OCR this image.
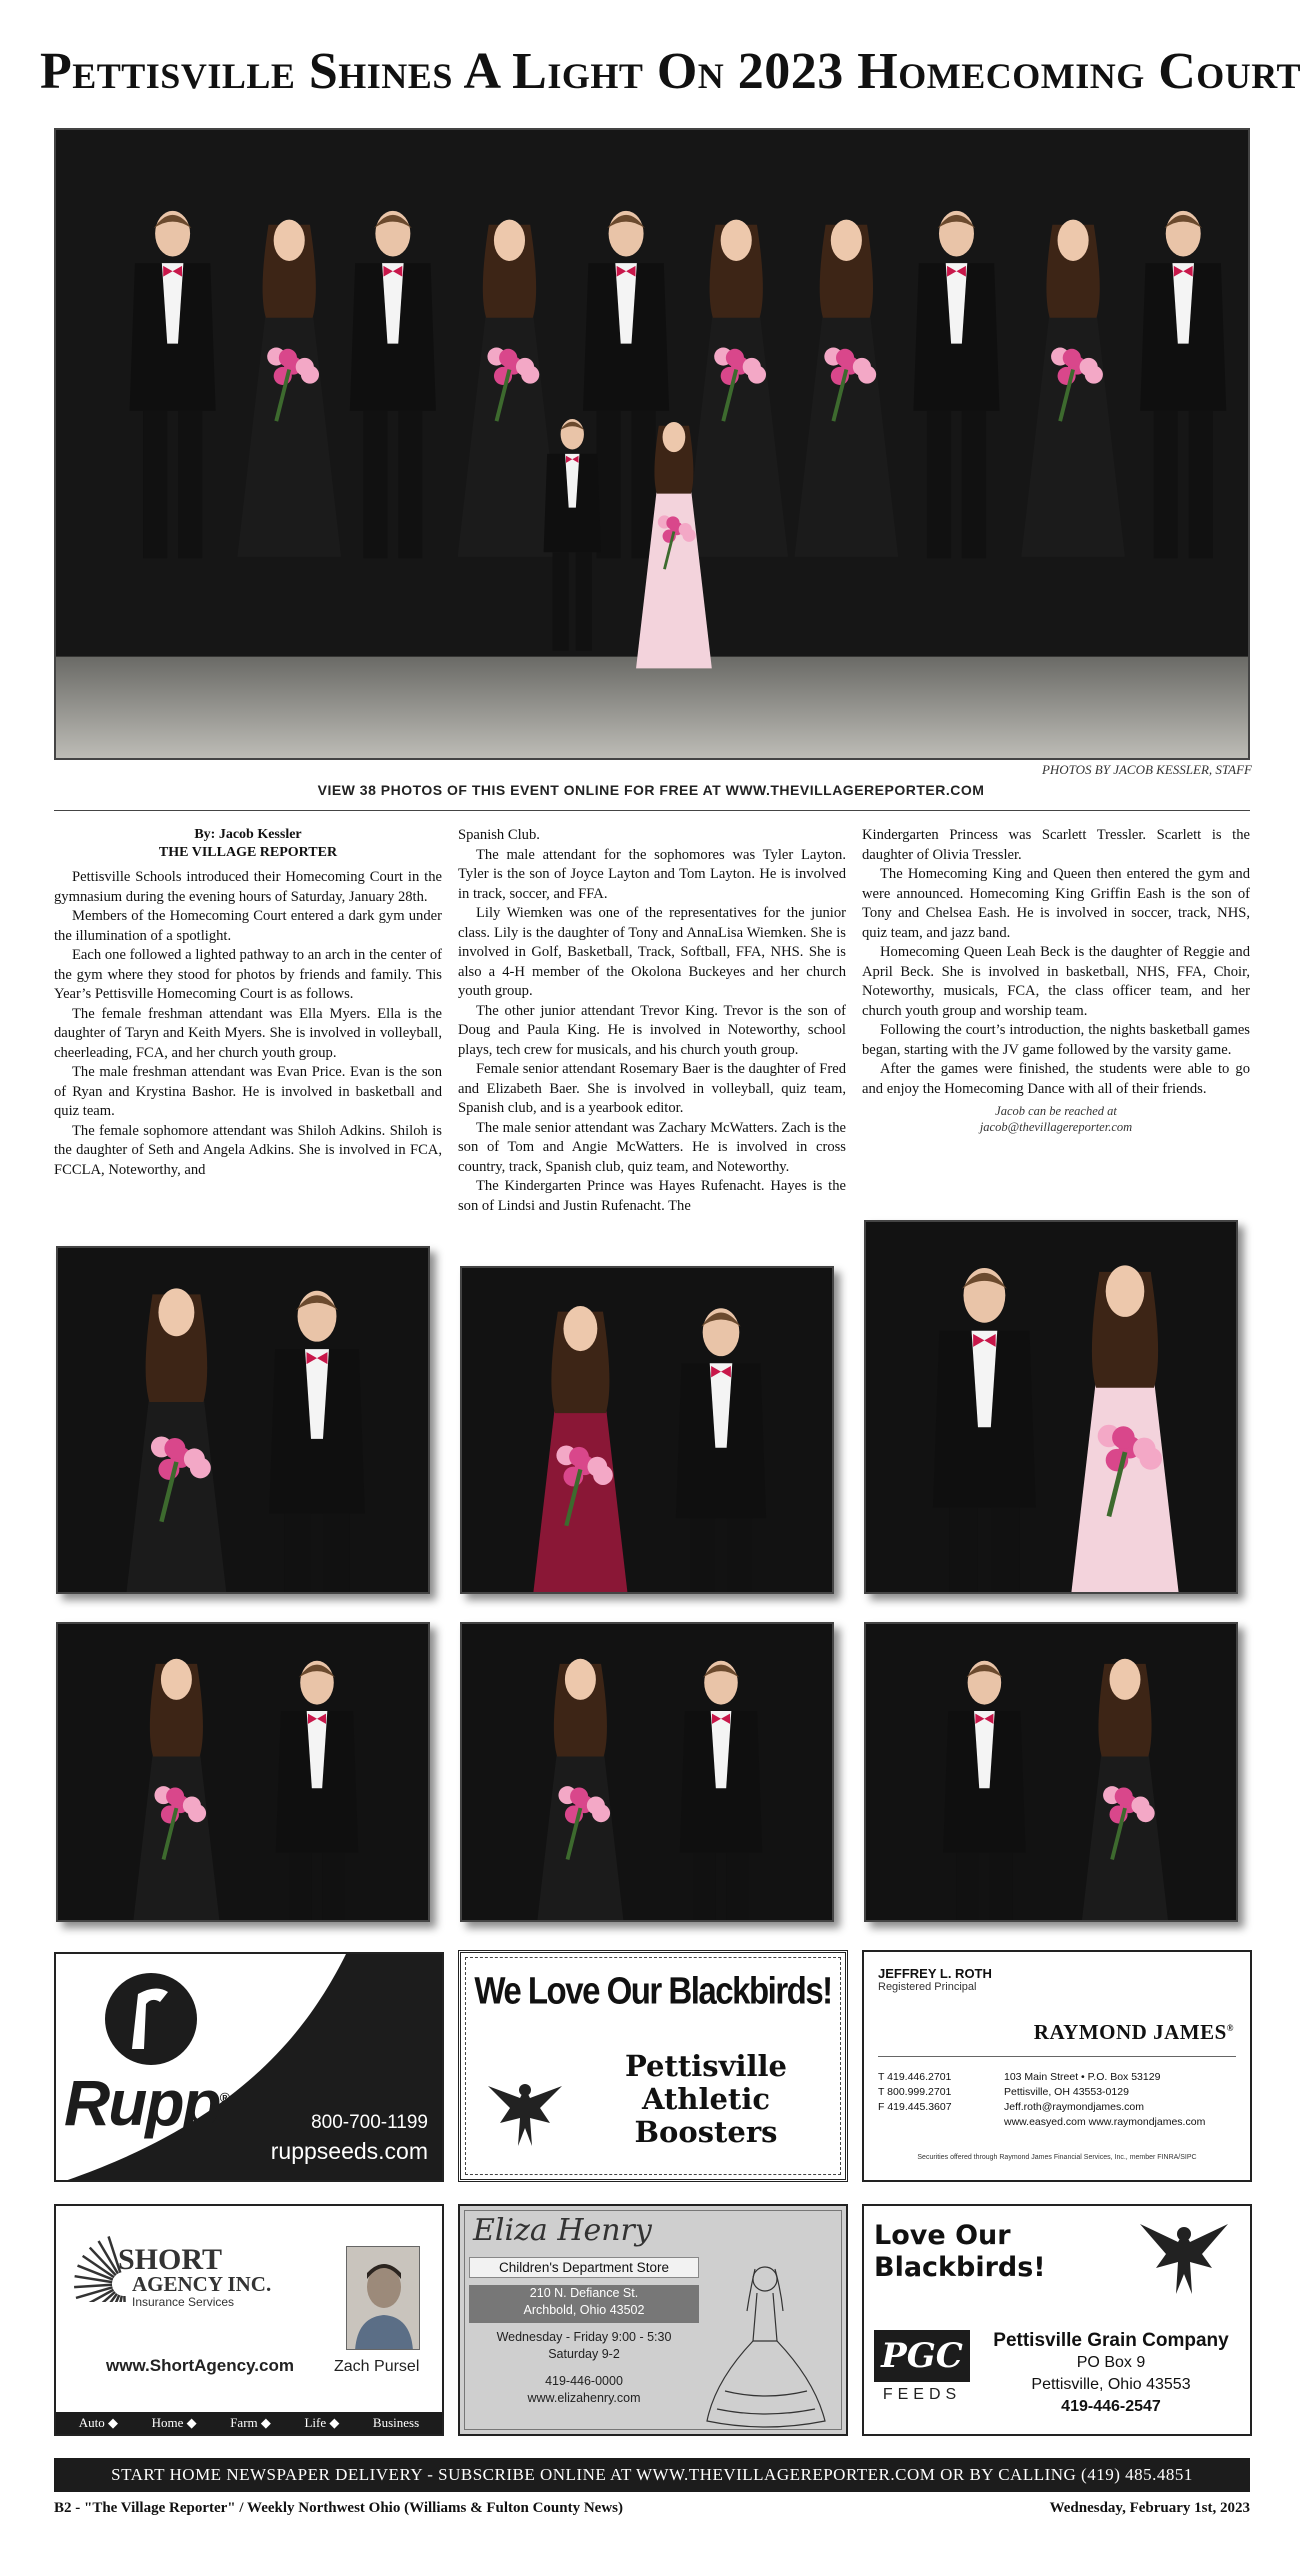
Pettisville Shines A Light On 2023 Homecoming Court
PHOTOS BY JACOB KESSLER, STAFF
VIEW 38 PHOTOS OF THIS EVENT ONLINE FOR FREE AT WWW.THEVILLAGEREPORTER.COM

By: Jacob Kessler

THE VILLAGE REPORTER

Pettisville Schools introduced their Homecoming Court in the gymnasium during the evening hours of Saturday, January 28th.

Members of the Homecoming Court entered a dark gym under the illumination of a spotlight.

Each one followed a lighted pathway to an arch in the center of the gym where they stood for photos by friends and family. This Year’s Pettisville Homecoming Court is as follows.

The female freshman attendant was Ella Myers. Ella is the daughter of Taryn and Keith Myers. She is involved in volleyball, cheerleading, FCA, and her church youth group.

The male freshman attendant was Evan Price. Evan is the son of Ryan and Krystina Bashor. He is involved in basketball and quiz team.

The female sophomore attendant was Shiloh Adkins. Shiloh is the daughter of Seth and Angela Adkins. She is involved in FCA, FCCLA, Noteworthy, and

Spanish Club.

The male attendant for the sophomores was Tyler Layton. Tyler is the son of Joyce Layton and Tom Layton. He is involved in track, soccer, and FFA.

Lily Wiemken was one of the representatives for the junior class. Lily is the daughter of Tony and AnnaLisa Wiemken. She is involved in Golf, Basketball, Track, Softball, FFA, NHS. She is also a 4-H member of the Okolona Buckeyes and her church youth group.

The other junior attendant Trevor King. Trevor is the son of Doug and Paula King. He is involved in Noteworthy, school plays, tech crew for musicals, and his church youth group.

Female senior attendant Rosemary Baer is the daughter of Fred and Elizabeth Baer. She is involved in volleyball, quiz team, Spanish club, and is a yearbook editor.

The male senior attendant was Zachary McWatters. Zach is the son of Tom and Angie McWatters. He is involved in cross country, track, Spanish club, quiz team, and Noteworthy.

The Kindergarten Prince was Hayes Rufenacht. Hayes is the son of Lindsi and Justin Rufenacht. The

Kindergarten Princess was Scarlett Tressler. Scarlett is the daughter of Olivia Tressler.

The Homecoming King and Queen then entered the gym and were announced. Homecoming King Griffin Eash is the son of Tony and Chelsea Eash. He is involved in soccer, track, NHS, quiz team, and jazz band.

Homecoming Queen Leah Beck is the daughter of Reggie and April Beck. She is involved in basketball, NHS, FFA, Choir, Noteworthy, musicals, FCA, the class officer team, and her church youth group and worship team.

Following the court’s introduction, the nights basketball games began, starting with the JV game followed by the varsity game.

After the games were finished, the students were able to go and enjoy the Homecoming Dance with all of their friends.

Jacob can be reached at

jacob@thevillagereporter.com

Rupp®
800-700-1199
ruppseeds.com
We Love Our Blackbirds!
Pettisville
Athletic
Boosters
JEFFREY L. ROTH
Registered Principal
RAYMOND JAMES®
T 419.446.2701
T 800.999.2701
F 419.445.3607
103 Main Street • P.O. Box 53129
Pettisville, OH 43553-0129
Jeff.roth@raymondjames.com
www.easyed.com www.raymondjames.com
Securities offered through Raymond James Financial Services, Inc., member FINRA/SIPC
SHORT
AGENCY INC.
Insurance Services
www.ShortAgency.com	Zach Pursel
Auto ◆	Home ◆	Farm ◆	Life ◆	Business
Eliza Henry
Children's Department Store
210 N. Defiance St.
Archbold, Ohio 43502
Wednesday - Friday 9:00 - 5:30
Saturday 9-2
419-446-0000
www.elizahenry.com
Love Our
Blackbirds!
PGC
FEEDS
Pettisville Grain Company
PO Box 9
Pettisville, Ohio 43553
419-446-2547
START HOME NEWSPAPER DELIVERY - SUBSCRIBE ONLINE AT WWW.THEVILLAGEREPORTER.COM OR BY CALLING (419) 485.4851
B2 - "The Village Reporter" / Weekly Northwest Ohio (Williams & Fulton County News)	Wednesday, February 1st, 2023
